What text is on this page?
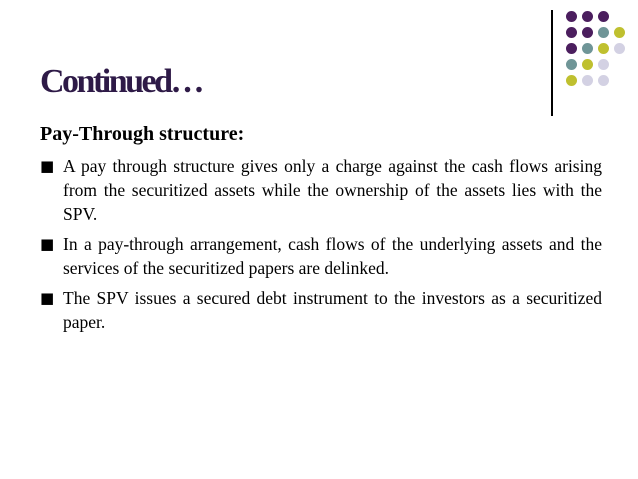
Continued…
Pay-Through structure:
■ A pay through structure gives only a charge against the cash flows arising from the securitized assets while the ownership of the assets lies with the SPV.
■ In a pay-through arrangement, cash flows of the underlying assets and the services of the securitized papers are delinked.
■ The SPV issues a secured debt instrument to the investors as a securitized paper.
